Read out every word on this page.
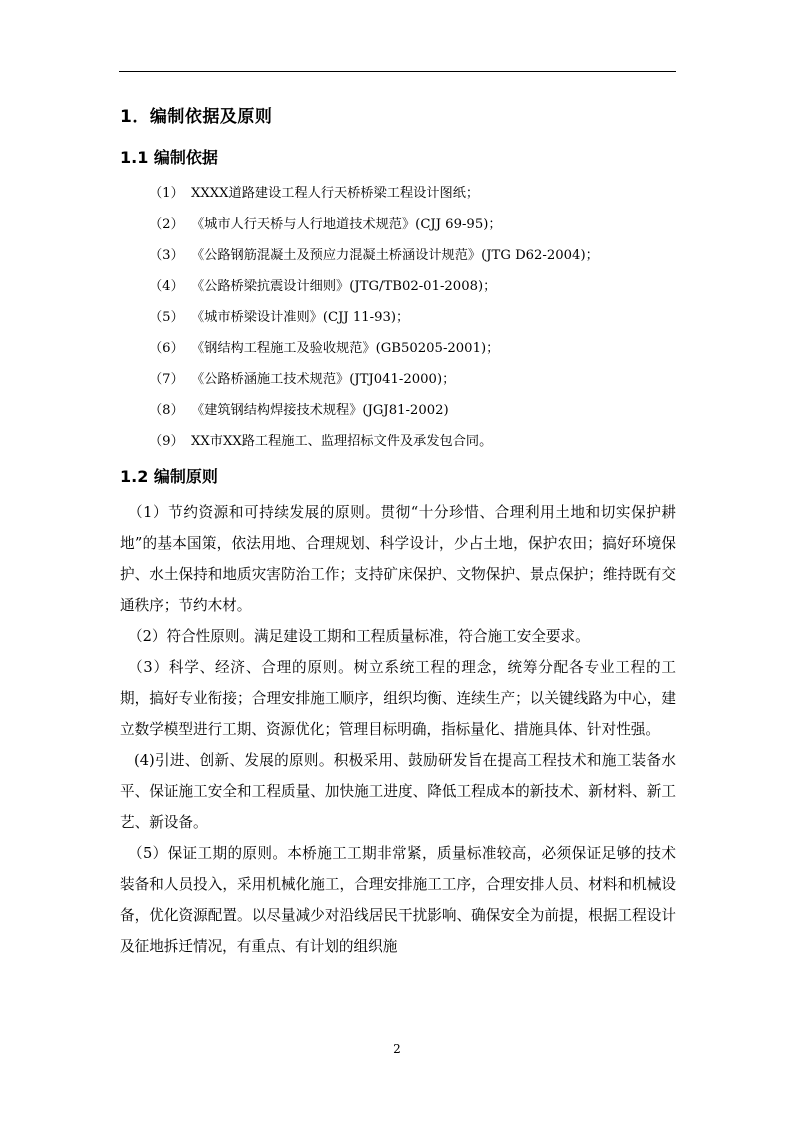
1．编制依据及原则
1.1 编制依据
（1） XXXX道路建设工程人行天桥桥梁工程设计图纸；
（2） 《城市人行天桥与人行地道技术规范》(CJJ 69-95)；
（3） 《公路钢筋混凝土及预应力混凝土桥涵设计规范》(JTG D62-2004)；
（4） 《公路桥梁抗震设计细则》(JTG/TB02-01-2008)；
（5） 《城市桥梁设计准则》(CJJ 11-93)；
（6） 《钢结构工程施工及验收规范》(GB50205-2001)；
（7） 《公路桥涵施工技术规范》(JTJ041-2000)；
（8） 《建筑钢结构焊接技术规程》(JGJ81-2002)
（9） XX市XX路工程施工、监理招标文件及承发包合同。
1.2 编制原则

（1）节约资源和可持续发展的原则。贯彻“十分珍惜、合理利用土地和切实保护耕地”的基本国策，依法用地、合理规划、科学设计，少占土地，保护农田；搞好环境保护、水土保持和地质灾害防治工作；支持矿床保护、文物保护、景点保护；维持既有交通秩序；节约木材。

（2）符合性原则。满足建设工期和工程质量标准，符合施工安全要求。

（3）科学、经济、合理的原则。树立系统工程的理念，统筹分配各专业工程的工期，搞好专业衔接；合理安排施工顺序，组织均衡、连续生产；以关键线路为中心，建立数学模型进行工期、资源优化；管理目标明确，指标量化、措施具体、针对性强。

(4)引进、创新、发展的原则。积极采用、鼓励研发旨在提高工程技术和施工装备水平、保证施工安全和工程质量、加快施工进度、降低工程成本的新技术、新材料、新工艺、新设备。

（5）保证工期的原则。本桥施工工期非常紧，质量标准较高，必须保证足够的技术装备和人员投入，采用机械化施工，合理安排施工工序，合理安排人员、材料和机械设备，优化资源配置。以尽量减少对沿线居民干扰影响、确保安全为前提，根据工程设计及征地拆迁情况，有重点、有计划的组织施

2
